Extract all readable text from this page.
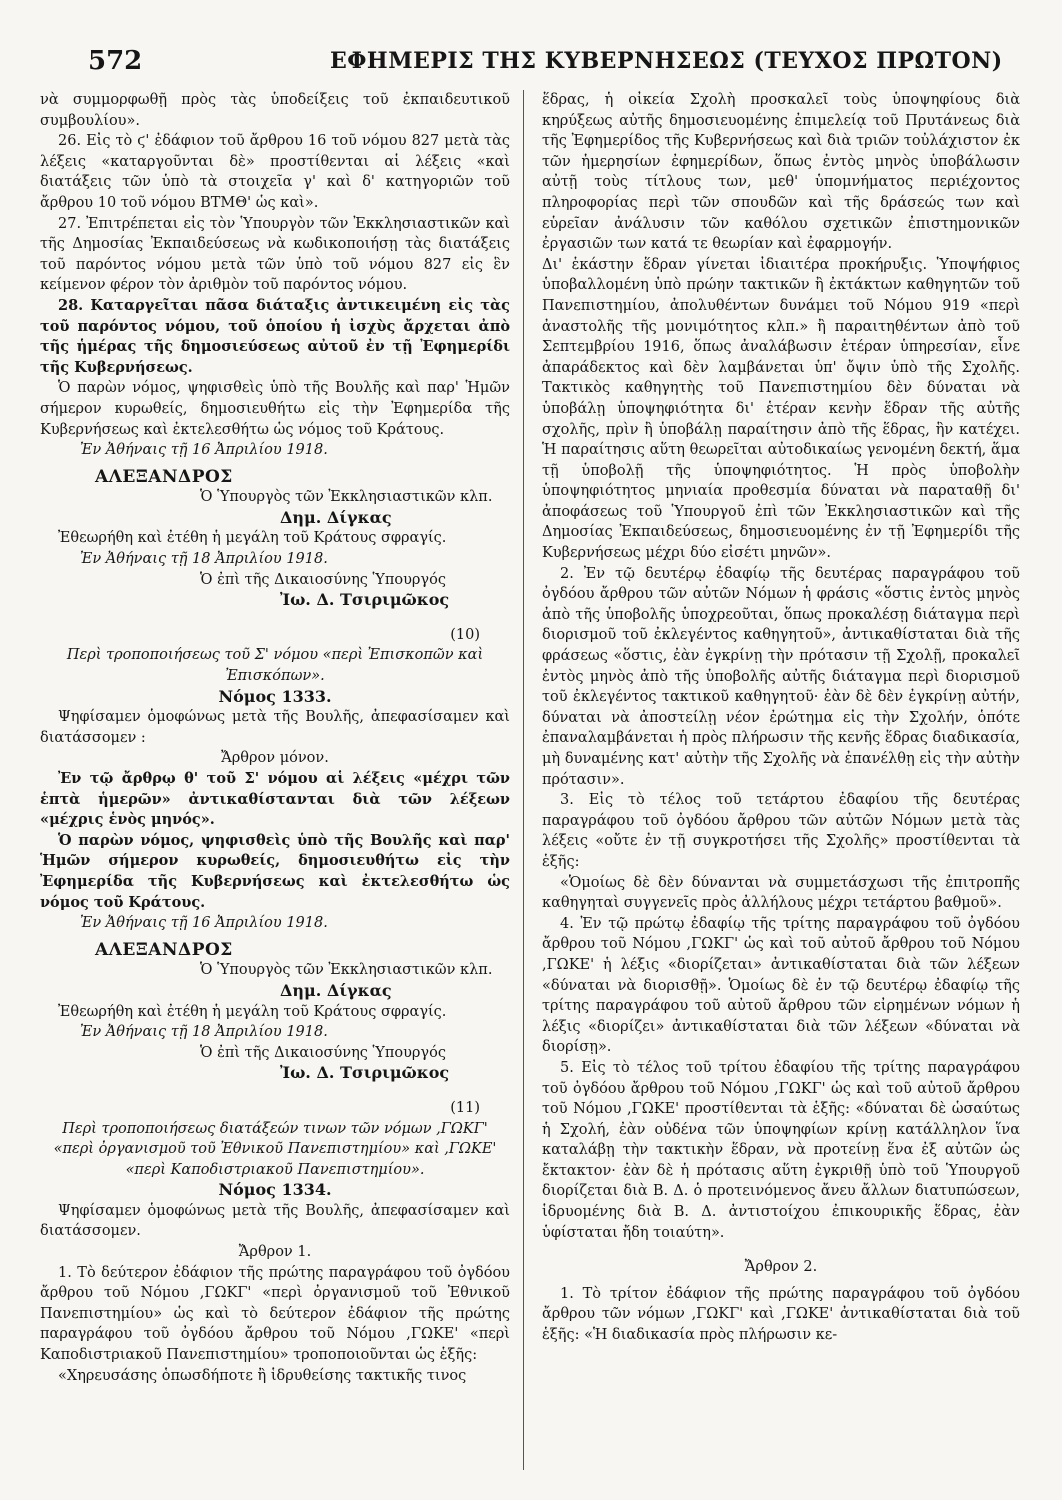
572	ΕΦΗΜΕΡΙΣ ΤΗΣ ΚΥΒΕΡΝΗΣΕΩΣ (ΤΕΥΧΟΣ ΠΡΩΤΟΝ)

νὰ συμμορφωθῇ πρὸς τὰς ὑποδείξεις τοῦ ἐκπαιδευτικοῦ συμβουλίου».

26. Εἰς τὸ ϛ' ἐδάφιον τοῦ ἄρθρου 16 τοῦ νόμου 827 μετὰ τὰς λέξεις «καταργοῦνται δὲ» προστίθενται αἱ λέξεις «καὶ διατάξεις τῶν ὑπὸ τὰ στοιχεῖα γ' καὶ δ' κατηγοριῶν τοῦ ἄρθρου 10 τοῦ νόμου ΒΤΜΘ' ὡς καὶ».

27. Ἐπιτρέπεται εἰς τὸν Ὑπουργὸν τῶν Ἐκκλησιαστικῶν καὶ τῆς Δημοσίας Ἐκπαιδεύσεως νὰ κωδικοποιήσῃ τὰς διατάξεις τοῦ παρόντος νόμου μετὰ τῶν ὑπὸ τοῦ νόμου 827 εἰς ἓν κείμενον φέρον τὸν ἀριθμὸν τοῦ παρόντος νόμου.

28. Καταργεῖται πᾶσα διάταξις ἀντικειμένη εἰς τὰς τοῦ παρόντος νόμου, τοῦ ὁποίου ἡ ἰσχὺς ἄρχεται ἀπὸ τῆς ἡμέρας τῆς δημοσιεύσεως αὐτοῦ ἐν τῇ Ἐφημερίδι τῆς Κυβερνήσεως.

Ὁ παρὼν νόμος, ψηφισθεὶς ὑπὸ τῆς Βουλῆς καὶ παρ' Ἡμῶν σήμερον κυρωθείς, δημοσιευθήτω εἰς τὴν Ἐφημερίδα τῆς Κυβερνήσεως καὶ ἐκτελεσθήτω ὡς νόμος τοῦ Κράτους.

Ἐν Ἀθήναις τῇ 16 Ἀπριλίου 1918.

ΑΛΕΞΑΝΔΡΟΣ

Ὁ Ὑπουργὸς τῶν Ἐκκλησιαστικῶν κλπ.

Δημ. Δίγκας

Ἐθεωρήθη καὶ ἐτέθη ἡ μεγάλη τοῦ Κράτους σφραγίς.

Ἐν Ἀθήναις τῇ 18 Ἀπριλίου 1918.

Ὁ ἐπὶ τῆς Δικαιοσύνης Ὑπουργός

Ἰω. Δ. Τσιριμῶκος

(10)

Περὶ τροποποιήσεως τοῦ Σ' νόμου «περὶ Ἐπισκοπῶν καὶ Ἐπισκόπων».

Νόμος 1333.

Ψηφίσαμεν ὁμοφώνως μετὰ τῆς Βουλῆς, ἀπεφασίσαμεν καὶ διατάσσομεν :

Ἄρθρον μόνον.

Ἐν τῷ ἄρθρῳ θ' τοῦ Σ' νόμου αἱ λέξεις «μέχρι τῶν ἑπτὰ ἡμερῶν» ἀντικαθίστανται διὰ τῶν λέξεων «μέχρις ἑνὸς μηνός».

Ὁ παρὼν νόμος, ψηφισθεὶς ὑπὸ τῆς Βουλῆς καὶ παρ' Ἡμῶν σήμερον κυρωθείς, δημοσιευθήτω εἰς τὴν Ἐφημερίδα τῆς Κυβερνήσεως καὶ ἐκτελεσθήτω ὡς νόμος τοῦ Κράτους.

Ἐν Ἀθήναις τῇ 16 Ἀπριλίου 1918.

ΑΛΕΞΑΝΔΡΟΣ

Ὁ Ὑπουργὸς τῶν Ἐκκλησιαστικῶν κλπ.

Δημ. Δίγκας

Ἐθεωρήθη καὶ ἐτέθη ἡ μεγάλη τοῦ Κράτους σφραγίς.

Ἐν Ἀθήναις τῇ 18 Ἀπριλίου 1918.

Ὁ ἐπὶ τῆς Δικαιοσύνης Ὑπουργός

Ἰω. Δ. Τσιριμῶκος

(11)

Περὶ τροποποιήσεως διατάξεών τινων τῶν νόμων ,ΓΩΚΓ' «περὶ ὀργανισμοῦ τοῦ Ἐθνικοῦ Πανεπιστημίου» καὶ ,ΓΩΚΕ' «περὶ Καποδιστριακοῦ Πανεπιστημίου».

Νόμος 1334.

Ψηφίσαμεν ὁμοφώνως μετὰ τῆς Βουλῆς, ἀπεφασίσαμεν καὶ διατάσσομεν.

Ἄρθρον 1.

1. Τὸ δεύτερον ἐδάφιον τῆς πρώτης παραγράφου τοῦ ὀγδόου ἄρθρου τοῦ Νόμου ,ΓΩΚΓ' «περὶ ὀργανισμοῦ τοῦ Ἐθνικοῦ Πανεπιστημίου» ὡς καὶ τὸ δεύτερον ἐδάφιον τῆς πρώτης παραγράφου τοῦ ὀγδόου ἄρθρου τοῦ Νόμου ,ΓΩΚΕ' «περὶ Καποδιστριακοῦ Πανεπιστημίου» τροποποιοῦνται ὡς ἑξῆς:

«Χηρευσάσης ὁπωσδήποτε ἢ ἱδρυθείσης τακτικῆς τινος

ἕδρας, ἡ οἰκεία Σχολὴ προσκαλεῖ τοὺς ὑποψηφίους διὰ κηρύξεως αὐτῆς δημοσιευομένης ἐπιμελείᾳ τοῦ Πρυτάνεως διὰ τῆς Ἐφημερίδος τῆς Κυβερνήσεως καὶ διὰ τριῶν τοὐλάχιστον ἐκ τῶν ἡμερησίων ἐφημερίδων, ὅπως ἐντὸς μηνὸς ὑποβάλωσιν αὐτῇ τοὺς τίτλους των, μεθ' ὑπομνήματος περιέχοντος πληροφορίας περὶ τῶν σπουδῶν καὶ τῆς δράσεώς των καὶ εὑρεῖαν ἀνάλυσιν τῶν καθόλου σχετικῶν ἐπιστημονικῶν ἐργασιῶν των κατά τε θεωρίαν καὶ ἐφαρμογήν.

Δι' ἑκάστην ἕδραν γίνεται ἰδιαιτέρα προκήρυξις. Ὑποψήφιος ὑποβαλλομένη ὑπὸ πρώην τακτικῶν ἢ ἐκτάκτων καθηγητῶν τοῦ Πανεπιστημίου, ἀπολυθέντων δυνάμει τοῦ Νόμου 919 «περὶ ἀναστολῆς τῆς μονιμότητος κλπ.» ἢ παραιτηθέντων ἀπὸ τοῦ Σεπτεμβρίου 1916, ὅπως ἀναλάβωσιν ἑτέραν ὑπηρεσίαν, εἶνε ἀπαράδεκτος καὶ δὲν λαμβάνεται ὑπ' ὄψιν ὑπὸ τῆς Σχολῆς. Τακτικὸς καθηγητὴς τοῦ Πανεπιστημίου δὲν δύναται νὰ ὑποβάλῃ ὑποψηφιότητα δι' ἑτέραν κενὴν ἕδραν τῆς αὐτῆς σχολῆς, πρὶν ἢ ὑποβάλῃ παραίτησιν ἀπὸ τῆς ἕδρας, ἣν κατέχει. Ἡ παραίτησις αὕτη θεωρεῖται αὐτοδικαίως γενομένη δεκτή, ἅμα τῇ ὑποβολῇ τῆς ὑποψηφιότητος. Ἡ πρὸς ὑποβολὴν ὑποψηφιότητος μηνιαία προθεσμία δύναται νὰ παραταθῇ δι' ἀποφάσεως τοῦ Ὑπουργοῦ ἐπὶ τῶν Ἐκκλησιαστικῶν καὶ τῆς Δημοσίας Ἐκπαιδεύσεως, δημοσιευομένης ἐν τῇ Ἐφημερίδι τῆς Κυβερνήσεως μέχρι δύο εἰσέτι μηνῶν».

2. Ἐν τῷ δευτέρῳ ἐδαφίῳ τῆς δευτέρας παραγράφου τοῦ ὀγδόου ἄρθρου τῶν αὐτῶν Νόμων ἡ φράσις «ὅστις ἐντὸς μηνὸς ἀπὸ τῆς ὑποβολῆς ὑποχρεοῦται, ὅπως προκαλέσῃ διάταγμα περὶ διορισμοῦ τοῦ ἐκλεγέντος καθηγητοῦ», ἀντικαθίσταται διὰ τῆς φράσεως «ὅστις, ἐὰν ἐγκρίνῃ τὴν πρότασιν τῇ Σχολῇ, προκαλεῖ ἐντὸς μηνὸς ἀπὸ τῆς ὑποβολῆς αὐτῆς διάταγμα περὶ διορισμοῦ τοῦ ἐκλεγέντος τακτικοῦ καθηγητοῦ· ἐὰν δὲ δὲν ἐγκρίνῃ αὐτήν, δύναται νὰ ἀποστείλῃ νέον ἐρώτημα εἰς τὴν Σχολήν, ὁπότε ἐπαναλαμβάνεται ἡ πρὸς πλήρωσιν τῆς κενῆς ἕδρας διαδικασία, μὴ δυναμένης κατ' αὐτὴν τῆς Σχολῆς νὰ ἐπανέλθῃ εἰς τὴν αὐτὴν πρότασιν».

3. Εἰς τὸ τέλος τοῦ τετάρτου ἐδαφίου τῆς δευτέρας παραγράφου τοῦ ὀγδόου ἄρθρου τῶν αὐτῶν Νόμων μετὰ τὰς λέξεις «οὔτε ἐν τῇ συγκροτήσει τῆς Σχολῆς» προστίθενται τὰ ἑξῆς:

«Ὁμοίως δὲ δὲν δύνανται νὰ συμμετάσχωσι τῆς ἐπιτροπῆς καθηγηταὶ συγγενεῖς πρὸς ἀλλήλους μέχρι τετάρτου βαθμοῦ».

4. Ἐν τῷ πρώτῳ ἐδαφίῳ τῆς τρίτης παραγράφου τοῦ ὀγδόου ἄρθρου τοῦ Νόμου ,ΓΩΚΓ' ὡς καὶ τοῦ αὐτοῦ ἄρθρου τοῦ Νόμου ,ΓΩΚΕ' ἡ λέξις «διορίζεται» ἀντικαθίσταται διὰ τῶν λέξεων «δύναται νὰ διορισθῇ». Ὁμοίως δὲ ἐν τῷ δευτέρῳ ἐδαφίῳ τῆς τρίτης παραγράφου τοῦ αὐτοῦ ἄρθρου τῶν εἰρημένων νόμων ἡ λέξις «διορίζει» ἀντικαθίσταται διὰ τῶν λέξεων «δύναται νὰ διορίσῃ».

5. Εἰς τὸ τέλος τοῦ τρίτου ἐδαφίου τῆς τρίτης παραγράφου τοῦ ὀγδόου ἄρθρου τοῦ Νόμου ,ΓΩΚΓ' ὡς καὶ τοῦ αὐτοῦ ἄρθρου τοῦ Νόμου ,ΓΩΚΕ' προστίθενται τὰ ἑξῆς: «δύναται δὲ ὡσαύτως ἡ Σχολή, ἐὰν οὐδένα τῶν ὑποψηφίων κρίνῃ κατάλληλον ἵνα καταλάβῃ τὴν τακτικὴν ἕδραν, νὰ προτείνῃ ἕνα ἐξ αὐτῶν ὡς ἔκτακτον· ἐὰν δὲ ἡ πρότασις αὕτη ἐγκριθῇ ὑπὸ τοῦ Ὑπουργοῦ διορίζεται διὰ Β. Δ. ὁ προτεινόμενος ἄνευ ἄλλων διατυπώσεων, ἱδρυομένης διὰ Β. Δ. ἀντιστοίχου ἐπικουρικῆς ἕδρας, ἐὰν ὑφίσταται ἤδη τοιαύτη».

Ἄρθρον 2.

1. Τὸ τρίτον ἐδάφιον τῆς πρώτης παραγράφου τοῦ ὀγδόου ἄρθρου τῶν νόμων ,ΓΩΚΓ' καὶ ,ΓΩΚΕ' ἀντικαθίσταται διὰ τοῦ ἑξῆς: «Ἡ διαδικασία πρὸς πλήρωσιν κε-
